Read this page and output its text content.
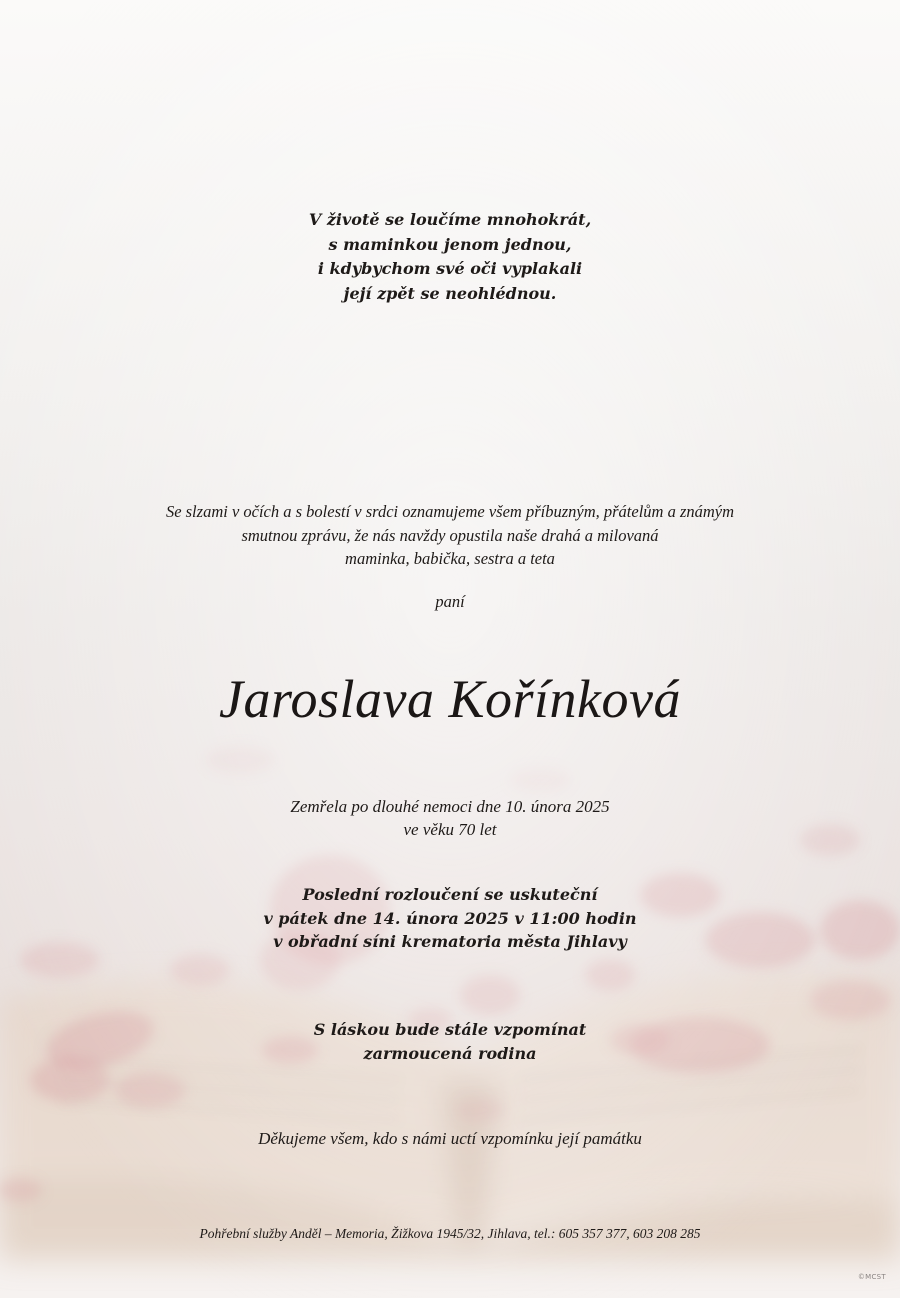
V životě se loučíme mnohokrát,
s maminkou jenom jednou,
i kdybychom své oči vyplakali
její zpět se neohlédnou.
Se slzami v očích a s bolestí v srdci oznamujeme všem příbuzným, přátelům a známým
smutnou zprávu, že nás navždy opustila naše drahá a milovaná
maminka, babička, sestra a teta
paní
Jaroslava Kořínková
Zemřela po dlouhé nemoci dne 10. února 2025
ve věku 70 let
Poslední rozloučení se uskuteční
v pátek dne 14. února 2025 v 11:00 hodin
v obřadní síni krematoria města Jihlavy
S láskou bude stále vzpomínat
zarmoucená rodina
Děkujeme všem, kdo s námi uctí vzpomínku její památku
Pohřební služby Anděl – Memoria, Žižkova 1945/32, Jihlava, tel.: 605 357 377, 603 208 285
©MCST
